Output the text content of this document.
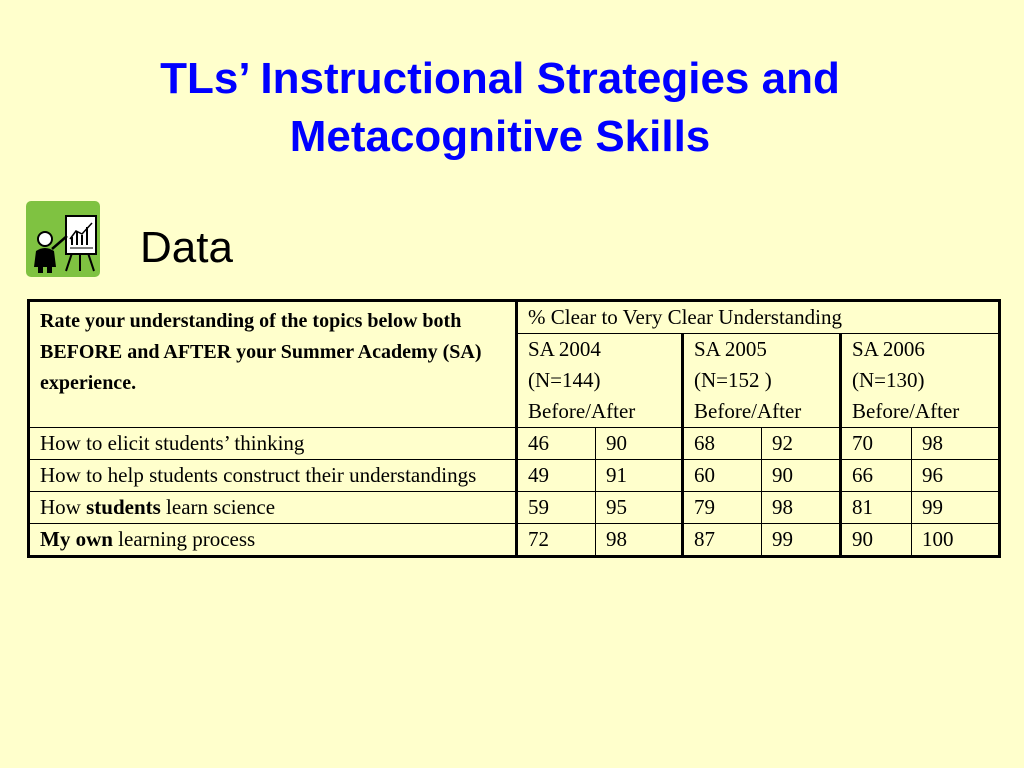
TLs’ Instructional Strategies and
Metacognitive Skills
Data
Rate your understanding of the topics below both BEFORE and AFTER your Summer Academy (SA) experience.	% Clear to Very Clear Understanding					
	SA 2004
(N=144)
Before/After		SA 2005
(N=152 )
Before/After		SA 2006
(N=130)
Before/After	
How to elicit students’ thinking	46	90	68	92	70	98
How to help students construct their understandings	49	91	60	90	66	96
How students learn science	59	95	79	98	81	99
My own learning process	72	98	87	99	90	100
